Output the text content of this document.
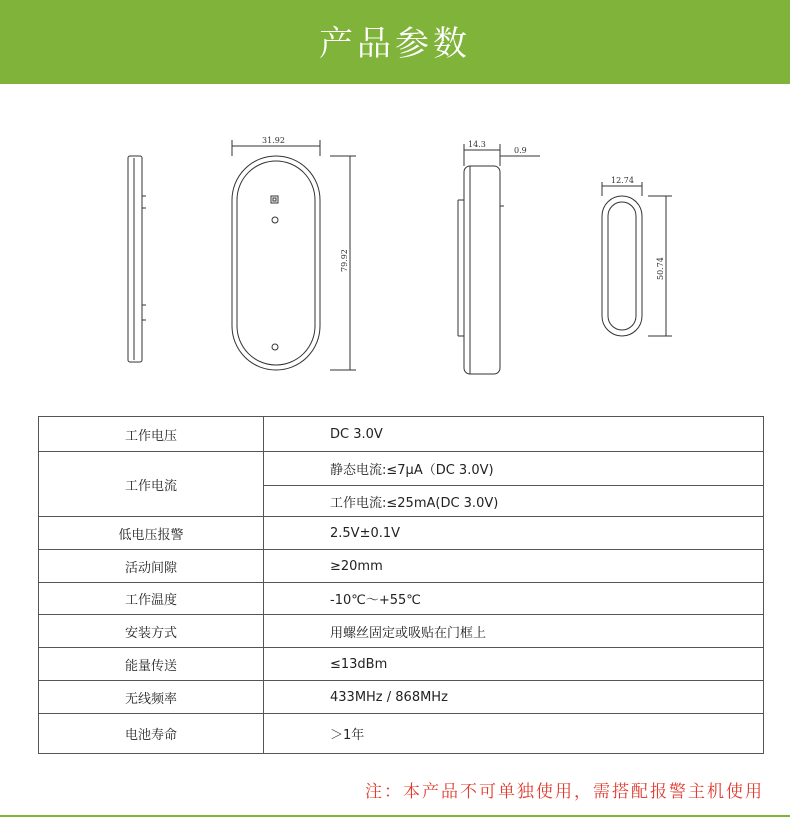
产品参数
31.92
79.92
14.3
0.9
12.74
50.74
工作电压	DC 3.0V
工作电流	静态电流:≤7μA（DC 3.0V)
	工作电流:≤25mA(DC 3.0V)
低电压报警	2.5V±0.1V
活动间隙	≥20mm
工作温度	-10℃～+55℃
安装方式	用螺丝固定或吸贴在门框上
能量传送	≤13dBm
无线频率	433MHz / 868MHz
电池寿命	＞1年
注：本产品不可单独使用，需搭配报警主机使用
